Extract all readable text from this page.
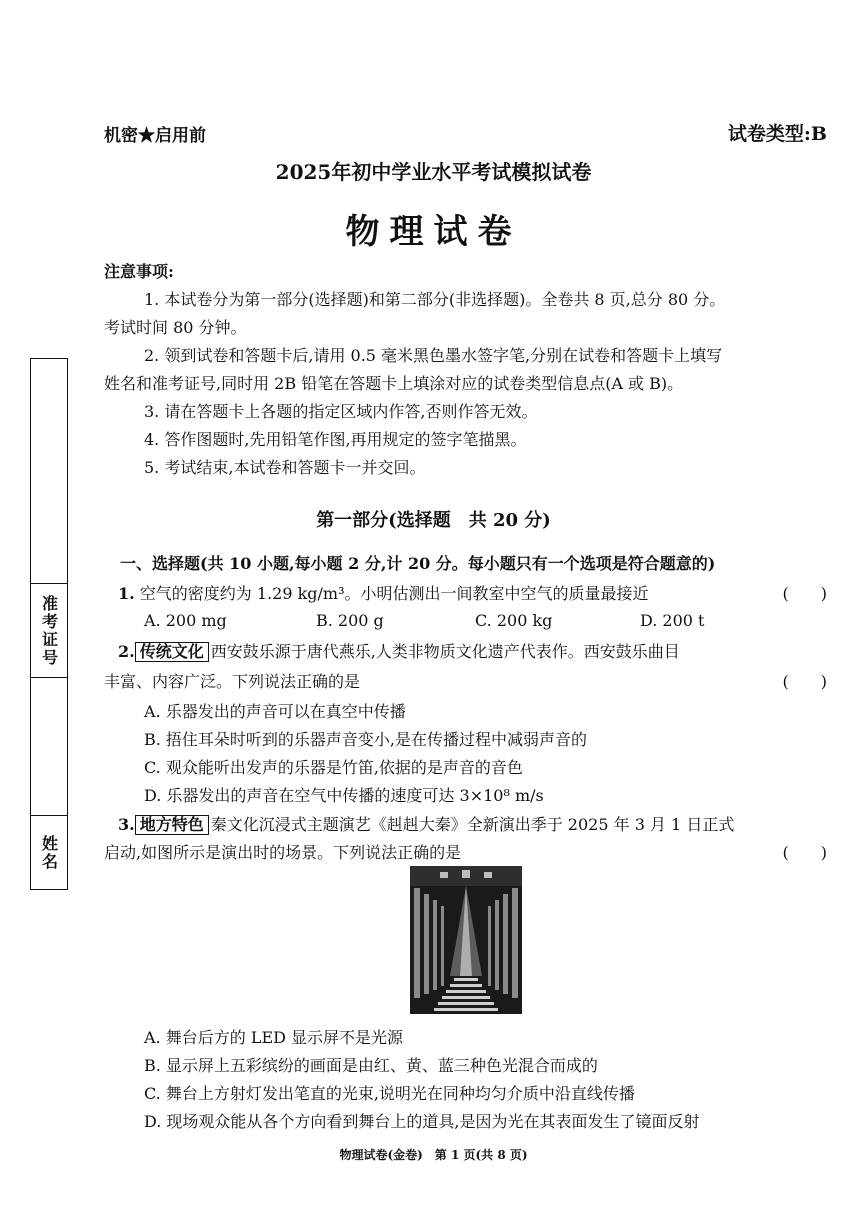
机密★启用前	试卷类型:B
2025年初中学业水平考试模拟试卷
物理试卷
注意事项:
1. 本试卷分为第一部分(选择题)和第二部分(非选择题)。全卷共 8 页,总分 80 分。
考试时间 80 分钟。
2. 领到试卷和答题卡后,请用 0.5 毫米黑色墨水签字笔,分别在试卷和答题卡上填写
姓名和准考证号,同时用 2B 铅笔在答题卡上填涂对应的试卷类型信息点(A 或 B)。
3. 请在答题卡上各题的指定区域内作答,否则作答无效。
4. 答作图题时,先用铅笔作图,再用规定的签字笔描黑。
5. 考试结束,本试卷和答题卡一并交回。
第一部分(选择题　共 20 分)
一、选择题(共 10 小题,每小题 2 分,计 20 分。每小题只有一个选项是符合题意的)
1. 空气的密度约为 1.29 kg/m³。小明估测出一间教室中空气的质量最接近	(　　)
A. 200 mg	B. 200 g	C. 200 kg	D. 200 t
2. 传统文化 西安鼓乐源于唐代燕乐,人类非物质文化遗产代表作。西安鼓乐曲目
丰富、内容广泛。下列说法正确的是	(　　)
A. 乐器发出的声音可以在真空中传播
B. 捂住耳朵时听到的乐器声音变小,是在传播过程中减弱声音的
C. 观众能听出发声的乐器是竹笛,依据的是声音的音色
D. 乐器发出的声音在空气中传播的速度可达 3×10⁸ m/s
3. 地方特色 秦文化沉浸式主题演艺《赳赳大秦》全新演出季于 2025 年 3 月 1 日正式
启动,如图所示是演出时的场景。下列说法正确的是	(　　)
A. 舞台后方的 LED 显示屏不是光源
B. 显示屏上五彩缤纷的画面是由红、黄、蓝三种色光混合而成的
C. 舞台上方射灯发出笔直的光束,说明光在同种均匀介质中沿直线传播
D. 现场观众能从各个方向看到舞台上的道具,是因为光在其表面发生了镜面反射
准考证号
姓名
物理试卷(金卷)　第 1 页(共 8 页)
